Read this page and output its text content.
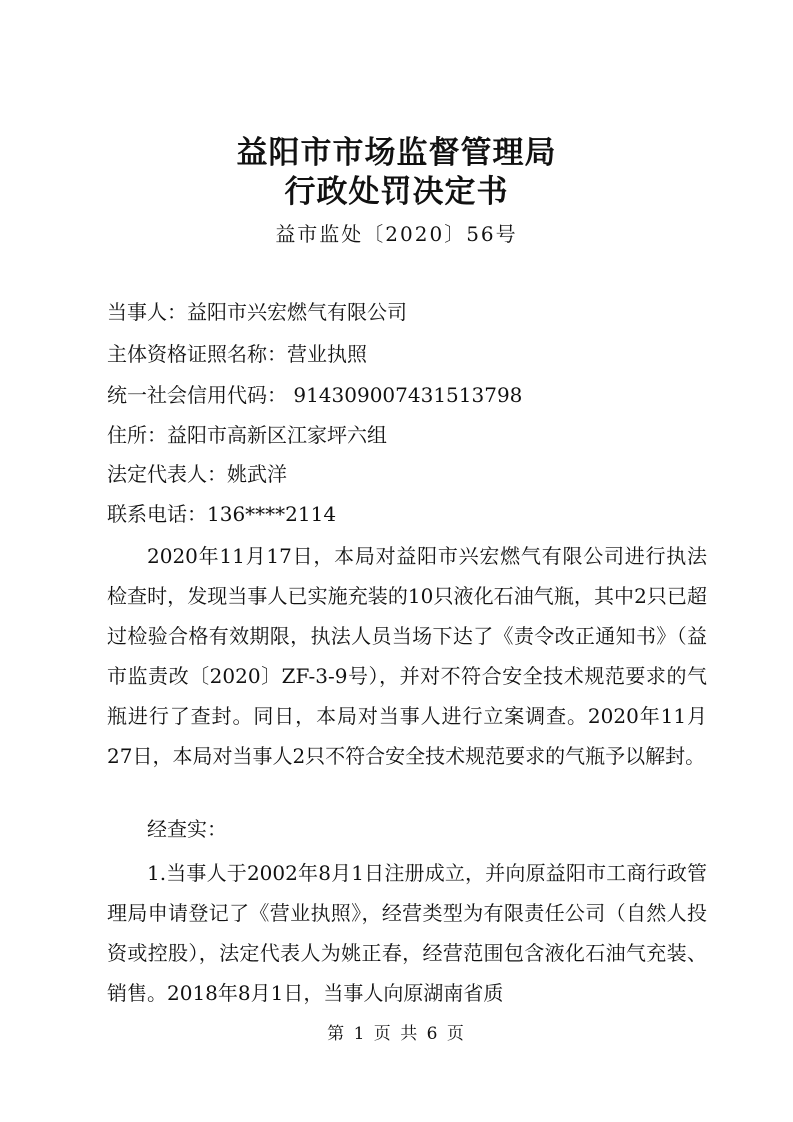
益阳市市场监督管理局
行政处罚决定书
益市监处〔2020〕56号
当事人：益阳市兴宏燃气有限公司
主体资格证照名称：营业执照
统一社会信用代码： 914309007431513798
住所：益阳市高新区江家坪六组
法定代表人：姚武洋
联系电话：136****2114
2020年11月17日，本局对益阳市兴宏燃气有限公司进行执法检查时，发现当事人已实施充装的10只液化石油气瓶，其中2只已超过检验合格有效期限，执法人员当场下达了《责令改正通知书》（益市监责改〔2020〕ZF-3-9号），并对不符合安全技术规范要求的气瓶进行了查封。同日，本局对当事人进行立案调查。2020年11月27日，本局对当事人2只不符合安全技术规范要求的气瓶予以解封。
经查实：
1.当事人于2002年8月1日注册成立，并向原益阳市工商行政管理局申请登记了《营业执照》，经营类型为有限责任公司（自然人投资或控股），法定代表人为姚正春，经营范围包含液化石油气充装、销售。2018年8月1日，当事人向原湖南省质
第 1 页 共 6 页
